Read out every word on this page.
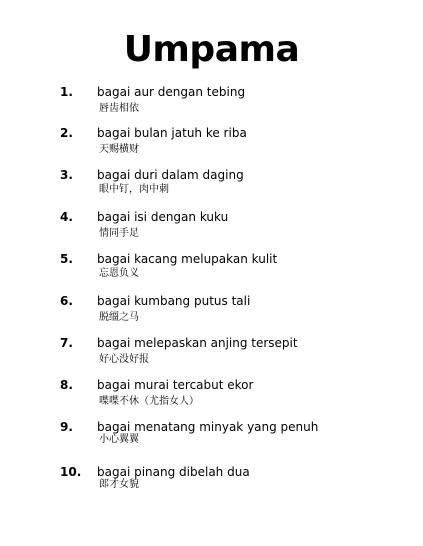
Umpama
1. bagai aur dengan tebing
唇齿相依
2. bagai bulan jatuh ke riba
天赐横财
3. bagai duri dalam daging
眼中钉，肉中刺
4. bagai isi dengan kuku
情同手足
5. bagai kacang melupakan kulit
忘恩负义
6. bagai kumbang putus tali
脱缰之马
7. bagai melepaskan anjing tersepit
好心没好报
8. bagai murai tercabut ekor
喋喋不休（尤指女人）
9. bagai menatang minyak yang penuh
小心翼翼
10. bagai pinang dibelah dua
郎才女貌
